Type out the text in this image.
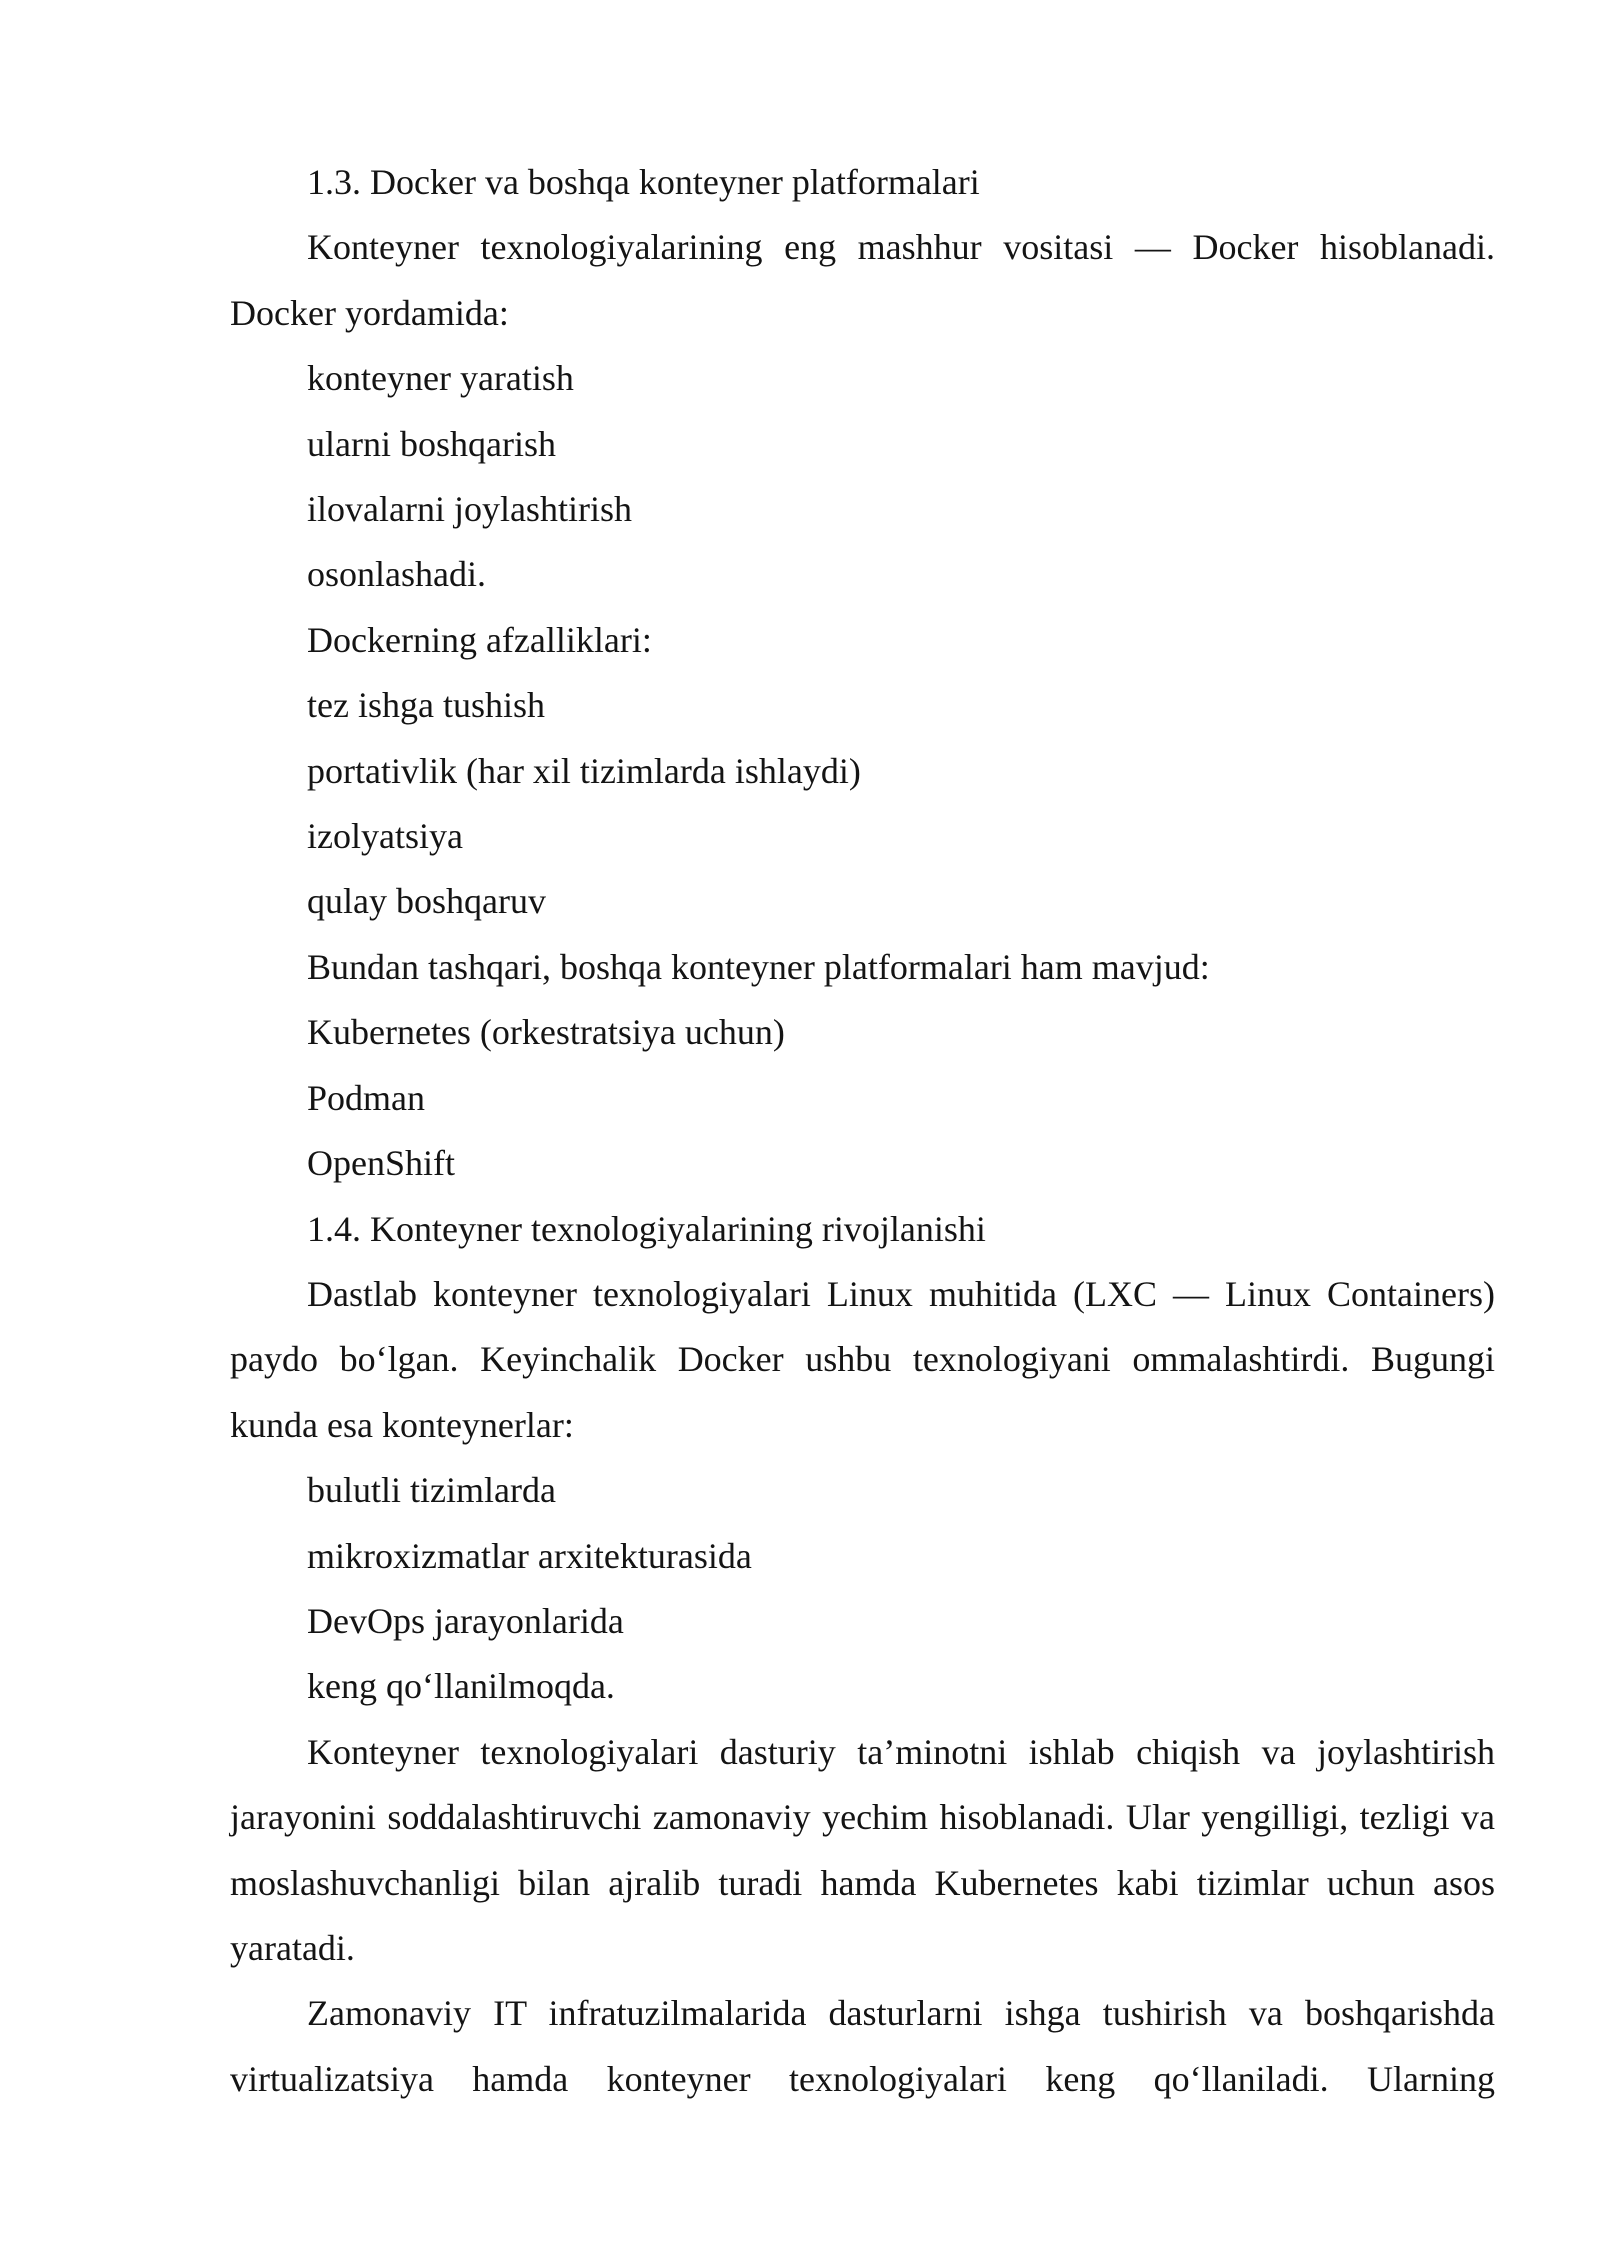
1.3. Docker va boshqa konteyner platformalari

Konteyner texnologiyalarining eng mashhur vositasi — Docker hisoblanadi. Docker yordamida:

konteyner yaratish

ularni boshqarish

ilovalarni joylashtirish

osonlashadi.

Dockerning afzalliklari:

tez ishga tushish

portativlik (har xil tizimlarda ishlaydi)

izolyatsiya

qulay boshqaruv

Bundan tashqari, boshqa konteyner platformalari ham mavjud:

Kubernetes (orkestratsiya uchun)

Podman

OpenShift

1.4. Konteyner texnologiyalarining rivojlanishi

Dastlab konteyner texnologiyalari Linux muhitida (LXC — Linux Containers) paydo bo‘lgan. Keyinchalik Docker ushbu texnologiyani ommalashtirdi. Bugungi kunda esa konteynerlar:

bulutli tizimlarda

mikroxizmatlar arxitekturasida

DevOps jarayonlarida

keng qo‘llanilmoqda.

Konteyner texnologiyalari dasturiy ta’minotni ishlab chiqish va joylashtirish jarayonini soddalashtiruvchi zamonaviy yechim hisoblanadi. Ular yengilligi, tezligi va moslashuvchanligi bilan ajralib turadi hamda Kubernetes kabi tizimlar uchun asos yaratadi.

Zamonaviy IT infratuzilmalarida dasturlarni ishga tushirish va boshqarishda virtualizatsiya hamda konteyner texnologiyalari keng qo‘llaniladi. Ularning
